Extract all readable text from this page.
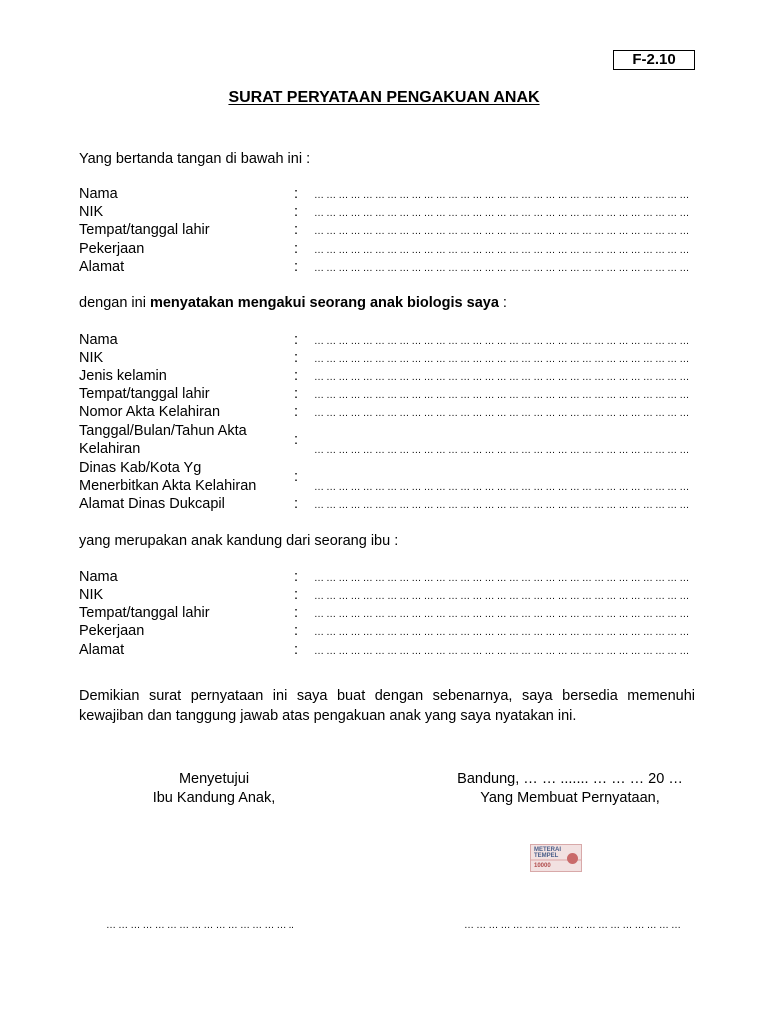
F-2.10
SURAT PERYATAAN PENGAKUAN ANAK
Yang bertanda tangan di bawah ini :
Nama	: … … … … … … … … … … … … … … … … … … … … … … … … … … … … … … …
NIK	: … … … … … … … … … … … … … … … … … … … … … … … … … … … … … … …
Tempat/tanggal lahir	: … … … … … … … … … … … … … … … … … … … … … … … … … … … … … … …
Pekerjaan	: … … … … … … … … … … … … … … … … … … … … … … … … … … … … … … …
Alamat	: … … … … … … … … … … … … … … … … … … … … … … … … … … … … … … …
dengan ini menyatakan mengakui seorang anak biologis saya :
Nama	: … … … … … … … … … … … … … … … … … … … … … … … … … … … … … … …
NIK	: … … … … … … … … … … … … … … … … … … … … … … … … … … … … … … …
Jenis kelamin	: … … … … … … … … … … … … … … … … … … … … … … … … … … … … … … …
Tempat/tanggal lahir	: … … … … … … … … … … … … … … … … … … … … … … … … … … … … … … …
Nomor Akta Kelahiran	: … … … … … … … … … … … … … … … … … … … … … … … … … … … … … … …
Tanggal/Bulan/Tahun Akta Kelahiran
:
… … … … … … … … … … … … … … … … … … … … … … … … … … … … … … …
Dinas Kab/Kota Yg Menerbitkan Akta Kelahiran
:
… … … … … … … … … … … … … … … … … … … … … … … … … … … … … … …
Alamat Dinas Dukcapil	: … … … … … … … … … … … … … … … … … … … … … … … … … … … … … … …
yang merupakan anak kandung dari seorang ibu :
Nama	: … … … … … … … … … … … … … … … … … … … … … … … … … … … … … … …
NIK	: … … … … … … … … … … … … … … … … … … … … … … … … … … … … … … …
Tempat/tanggal lahir	: … … … … … … … … … … … … … … … … … … … … … … … … … … … … … … …
Pekerjaan	: … … … … … … … … … … … … … … … … … … … … … … … … … … … … … … …
Alamat	: … … … … … … … … … … … … … … … … … … … … … … … … … … … … … … …
Demikian surat pernyataan ini saya buat dengan sebenarnya, saya bersedia memenuhi kewajiban dan tanggung jawab atas pengakuan anak yang saya nyatakan ini.
Menyetujui
Ibu Kandung Anak,
Bandung, … … ....... … … … 20 …
Yang Membuat Pernyataan,
METERAI
TEMPEL
10000
… … … … … … … … … … … … … … … ..	… … … … … … … … … … … … … … … … … …
